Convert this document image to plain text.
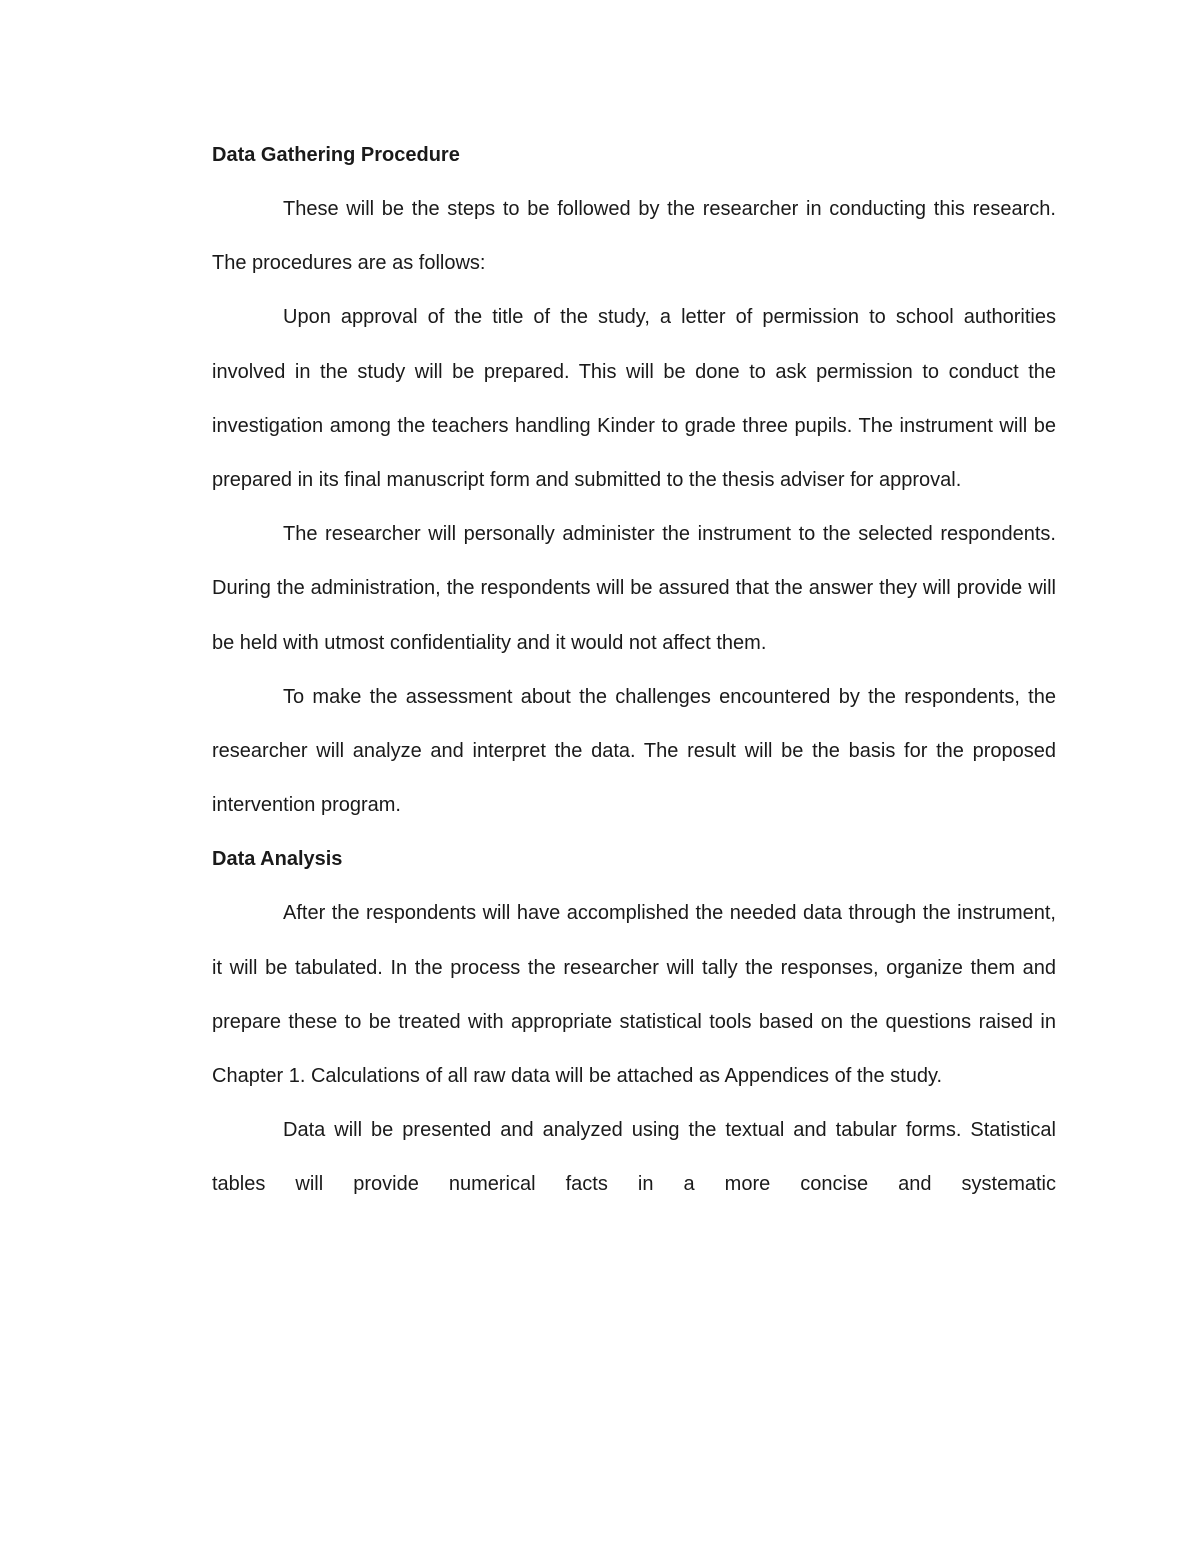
Data Gathering Procedure

These will be the steps to be followed by the researcher in conducting this research. The procedures are as follows:

Upon approval of the title of the study, a letter of permission to school authorities involved in the study will be prepared. This will be done to ask permission to conduct the investigation among the teachers handling Kinder to grade three pupils. The instrument will be prepared in its final manuscript form and submitted to the thesis adviser for approval.

The researcher will personally administer the instrument to the selected respondents. During the administration, the respondents will be assured that the answer they will provide will be held with utmost confidentiality and it would not affect them.

To make the assessment about the challenges encountered by the respondents, the researcher will analyze and interpret the data. The result will be the basis for the proposed intervention program.

Data Analysis

After the respondents will have accomplished the needed data through the instrument, it will be tabulated. In the process the researcher will tally the responses, organize them and prepare these to be treated with appropriate statistical tools based on the questions raised in Chapter 1. Calculations of all raw data will be attached as Appendices of the study.

Data will be presented and analyzed using the textual and tabular forms. Statistical tables will provide numerical facts in a more concise and systematic
